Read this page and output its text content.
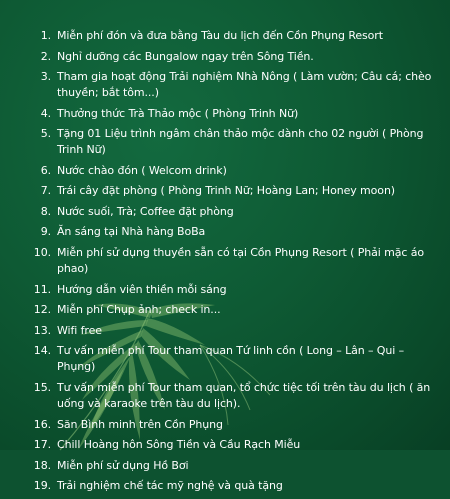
1. Miễn phí đón và đưa bằng Tàu du lịch đến Cồn Phụng Resort
2. Nghỉ dưỡng các Bungalow ngay trên Sông Tiền.
3. Tham gia hoạt động Trải nghiệm Nhà Nông ( Làm vườn; Câu cá; chèo thuyền; bắt tôm...)
4. Thưởng thức Trà Thảo mộc ( Phòng Trinh Nữ)
5. Tặng 01 Liệu trình ngâm chân thảo mộc dành cho 02 người ( Phòng Trinh Nữ)
6. Nước chào đón ( Welcom drink)
7. Trái cây đặt phòng ( Phòng Trinh Nữ; Hoàng Lan; Honey moon)
8. Nước suối, Trà; Coffee đặt phòng
9. Ăn sáng tại Nhà hàng BoBa
10. Miễn phí sử dụng thuyền sẵn có tại Cồn Phụng Resort ( Phải mặc áo phao)
11. Hướng dẫn viên thiền mỗi sáng
12. Miễn phí Chụp ảnh; check in...
13. Wifi free
14. Tư vấn miễn phí Tour tham quan Tứ linh cồn ( Long – Lân – Qui – Phụng)
15. Tư vấn miễn phí Tour tham quan, tổ chức tiệc tối trên tàu du lịch ( ăn uống và karaoke trên tàu du lịch).
16. Săn Bình minh trên Cồn Phụng
17. Chill Hoàng hôn Sông Tiền và Cầu Rạch Miễu
18. Miễn phí sử dụng Hồ Bơi
19. Trải nghiệm chế tác mỹ nghệ và quà tặng
